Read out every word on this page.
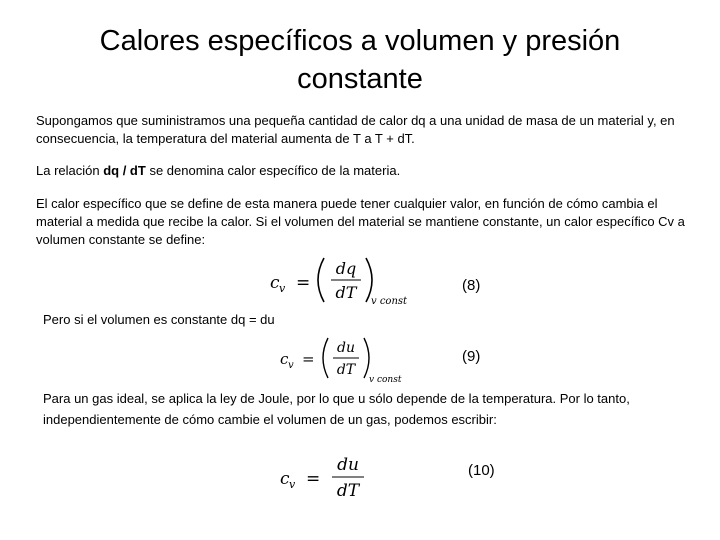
Calores específicos a volumen y presión
constante

Supongamos que suministramos una pequeña cantidad de calor dq a una unidad de masa de un material y, en consecuencia, la temperatura del material aumenta de T a T + dT.

La relación dq / dT se denomina calor específico de la materia.

El calor específico que se define de esta manera puede tener cualquier valor, en función de cómo cambia el material a medida que recibe la calor. Si el volumen del material se mantiene constante, un calor específico Cv a volumen constante se define:

c v =
dq
dT v const
(8)

Pero si el volumen es constante dq = du

c v =
du
dT
v const
(9)

Para un gas ideal, se aplica la ley de Joule, por lo que u sólo depende de la temperatura. Por lo tanto, independientemente de cómo cambie el volumen de un gas, podemos escribir:

c v =
du
dT
(10)
